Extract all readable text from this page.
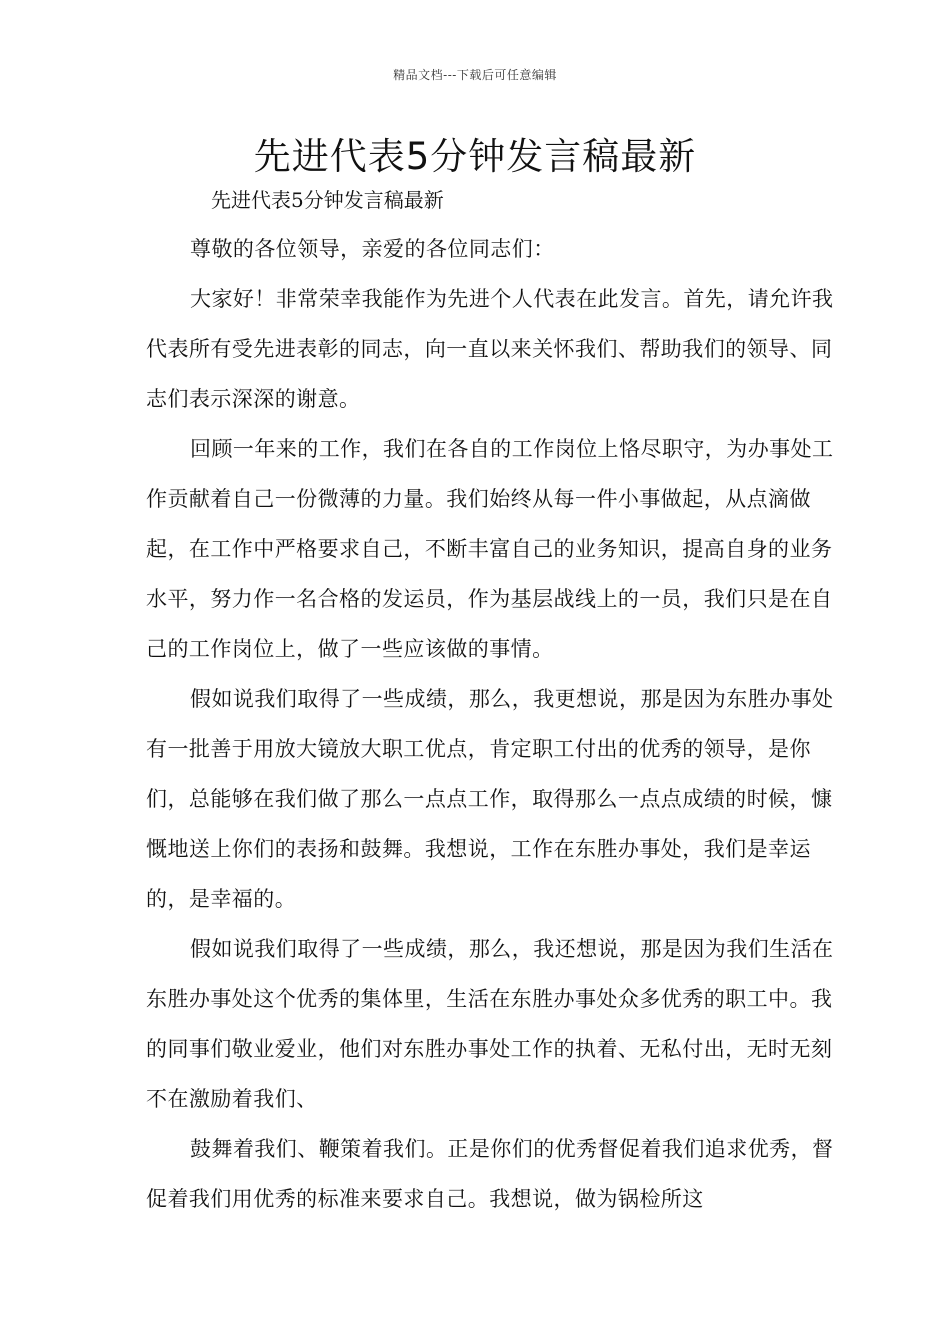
精品文档---下载后可任意编辑
先进代表5分钟发言稿最新
先进代表5分钟发言稿最新

尊敬的各位领导，亲爱的各位同志们：

大家好！非常荣幸我能作为先进个人代表在此发言。首先，请允许我代表所有受先进表彰的同志，向一直以来关怀我们、帮助我们的领导、同志们表示深深的谢意。

回顾一年来的工作，我们在各自的工作岗位上恪尽职守，为办事处工作贡献着自己一份微薄的力量。我们始终从每一件小事做起，从点滴做起，在工作中严格要求自己，不断丰富自己的业务知识，提高自身的业务水平，努力作一名合格的发运员，作为基层战线上的一员，我们只是在自己的工作岗位上，做了一些应该做的事情。

假如说我们取得了一些成绩，那么，我更想说，那是因为东胜办事处有一批善于用放大镜放大职工优点，肯定职工付出的优秀的领导，是你们，总能够在我们做了那么一点点工作，取得那么一点点成绩的时候，慷慨地送上你们的表扬和鼓舞。我想说，工作在东胜办事处，我们是幸运的，是幸福的。

假如说我们取得了一些成绩，那么，我还想说，那是因为我们生活在东胜办事处这个优秀的集体里，生活在东胜办事处众多优秀的职工中。我的同事们敬业爱业，他们对东胜办事处工作的执着、无私付出，无时无刻不在激励着我们、

鼓舞着我们、鞭策着我们。正是你们的优秀督促着我们追求优秀，督促着我们用优秀的标准来要求自己。我想说，做为锅检所这
